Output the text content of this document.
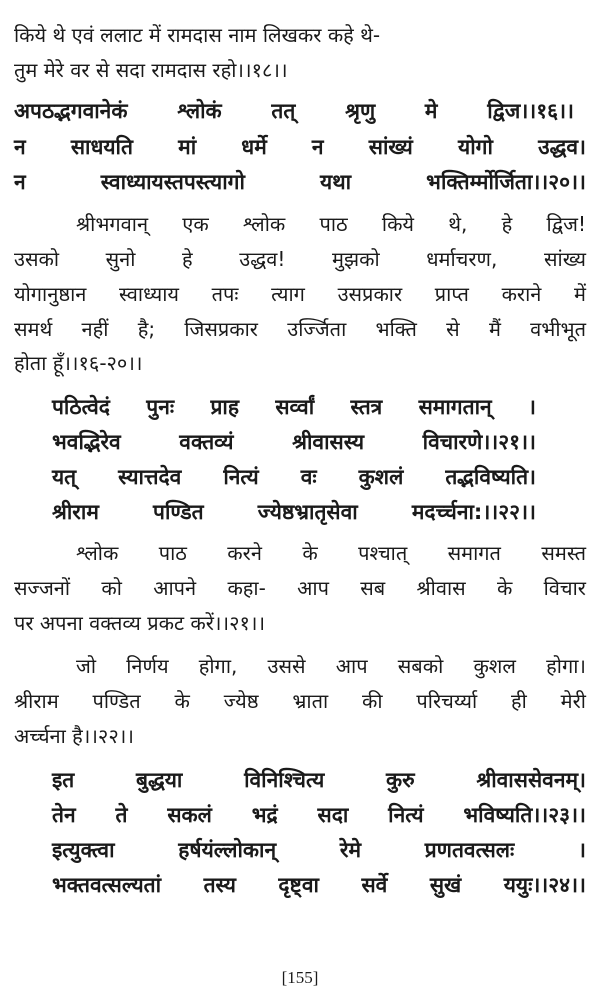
किये थे एवं ललाट में रामदास नाम लिखकर कहे थे-
तुम मेरे वर से सदा रामदास रहो।।१८।।
अपठद्भगवानेकं श्लोकं तत् श्रृणु मे द्विज।।१६।।
न साधयति मां धर्मे न सांख्यं योगो उद्धव।
न स्वाध्यायस्तपस्त्यागो यथा भक्तिर्म्मोर्जिता।।२०।।
श्रीभगवान् एक श्लोक पाठ किये थे, हे द्विज!
उसको सुनो हे उद्धव! मुझको धर्माचरण, सांख्य
योगानुष्ठान स्वाध्याय तपः त्याग उसप्रकार प्राप्त कराने में
समर्थ नहीं है; जिसप्रकार उर्ज्जिता भक्ति से मैं वभीभूत
होता हूँ।।१६-२०।।
पठित्वेदं पुनः प्राह सर्व्वां स्तत्र समागतान् ।
भवद्भिरेव वक्तव्यं श्रीवासस्य विचारणे।।२१।।
यत् स्यात्तदेव नित्यं वः कुशलं तद्भविष्यति।
श्रीराम पण्डित ज्येष्ठभ्रातृसेवा मदर्च्चना:।।२२।।
श्लोक पाठ करने के पश्चात् समागत समस्त
सज्जनों को आपने कहा- आप सब श्रीवास के विचार
पर अपना वक्तव्य प्रकट करें।।२१।।
जो निर्णय होगा, उससे आप सबको कुशल होगा।
श्रीराम पण्डित के ज्येष्ठ भ्राता की परिचर्य्या ही मेरी
अर्च्चना है।।२२।।
इत बुद्धया विनिश्चित्य कुरु श्रीवाससेवनम्।
तेन ते सकलं भद्रं सदा नित्यं भविष्यति।।२३।।
इत्युक्त्वा हर्षयंल्लोकान् रेमे प्रणतवत्सलः ।
भक्तवत्सल्यतां तस्य दृष्ट्वा सर्वे सुखं ययुः।।२४।।
[155]
